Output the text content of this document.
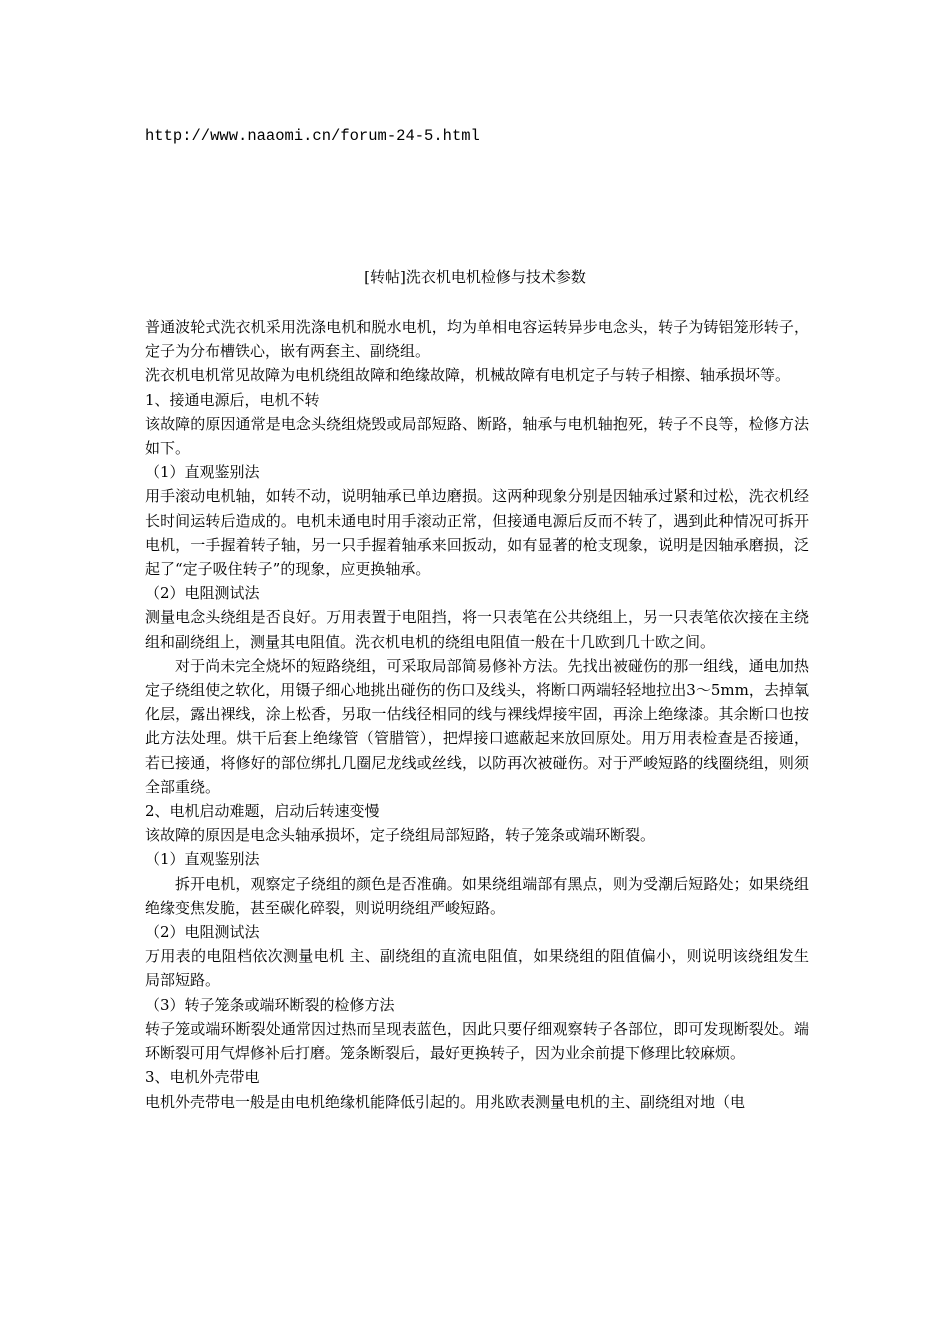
http://www.naaomi.cn/forum-24-5.html
[转帖]洗衣机电机检修与技术参数

普通波轮式洗衣机采用洗涤电机和脱水电机，均为单相电容运转异步电念头，转子为铸铝笼形转子，定子为分布槽铁心，嵌有两套主、副绕组。

洗衣机电机常见故障为电机绕组故障和绝缘故障，机械故障有电机定子与转子相擦、轴承损坏等。

1、接通电源后，电机不转

该故障的原因通常是电念头绕组烧毁或局部短路、断路，轴承与电机轴抱死，转子不良等，检修方法如下。

（1）直观鉴别法

用手滚动电机轴，如转不动，说明轴承已单边磨损。这两种现象分别是因轴承过紧和过松，洗衣机经长时间运转后造成的。电机未通电时用手滚动正常，但接通电源后反而不转了，遇到此种情况可拆开电机，一手握着转子轴，另一只手握着轴承来回扳动，如有显著的枪支现象，说明是因轴承磨损，泛起了“定子吸住转子”的现象，应更换轴承。

（2）电阻测试法

测量电念头绕组是否良好。万用表置于电阻挡，将一只表笔在公共绕组上，另一只表笔依次接在主绕组和副绕组上，测量其电阻值。洗衣机电机的绕组电阻值一般在十几欧到几十欧之间。

对于尚未完全烧坏的短路绕组，可采取局部简易修补方法。先找出被碰伤的那一组线，通电加热定子绕组使之软化，用镊子细心地挑出碰伤的伤口及线头，将断口两端轻轻地拉出3～5mm，去掉氧化层，露出裸线，涂上松香，另取一估线径相同的线与裸线焊接牢固，再涂上绝缘漆。其余断口也按此方法处理。烘干后套上绝缘管（管腊管），把焊接口遮蔽起来放回原处。用万用表检查是否接通，若已接通，将修好的部位绑扎几圈尼龙线或丝线，以防再次被碰伤。对于严峻短路的线圈绕组，则须全部重绕。

2、电机启动难题，启动后转速变慢

该故障的原因是电念头轴承损坏，定子绕组局部短路，转子笼条或端环断裂。

（1）直观鉴别法

拆开电机，观察定子绕组的颜色是否准确。如果绕组端部有黑点，则为受潮后短路处；如果绕组绝缘变焦发脆，甚至碳化碎裂，则说明绕组严峻短路。

（2）电阻测试法

万用表的电阻档依次测量电机 主、副绕组的直流电阻值，如果绕组的阻值偏小，则说明该绕组发生局部短路。

（3）转子笼条或端环断裂的检修方法

转子笼或端环断裂处通常因过热而呈现表蓝色，因此只要仔细观察转子各部位，即可发现断裂处。端环断裂可用气焊修补后打磨。笼条断裂后，最好更换转子，因为业余前提下修理比较麻烦。

3、电机外壳带电

电机外壳带电一般是由电机绝缘机能降低引起的。用兆欧表测量电机的主、副绕组对地（电
